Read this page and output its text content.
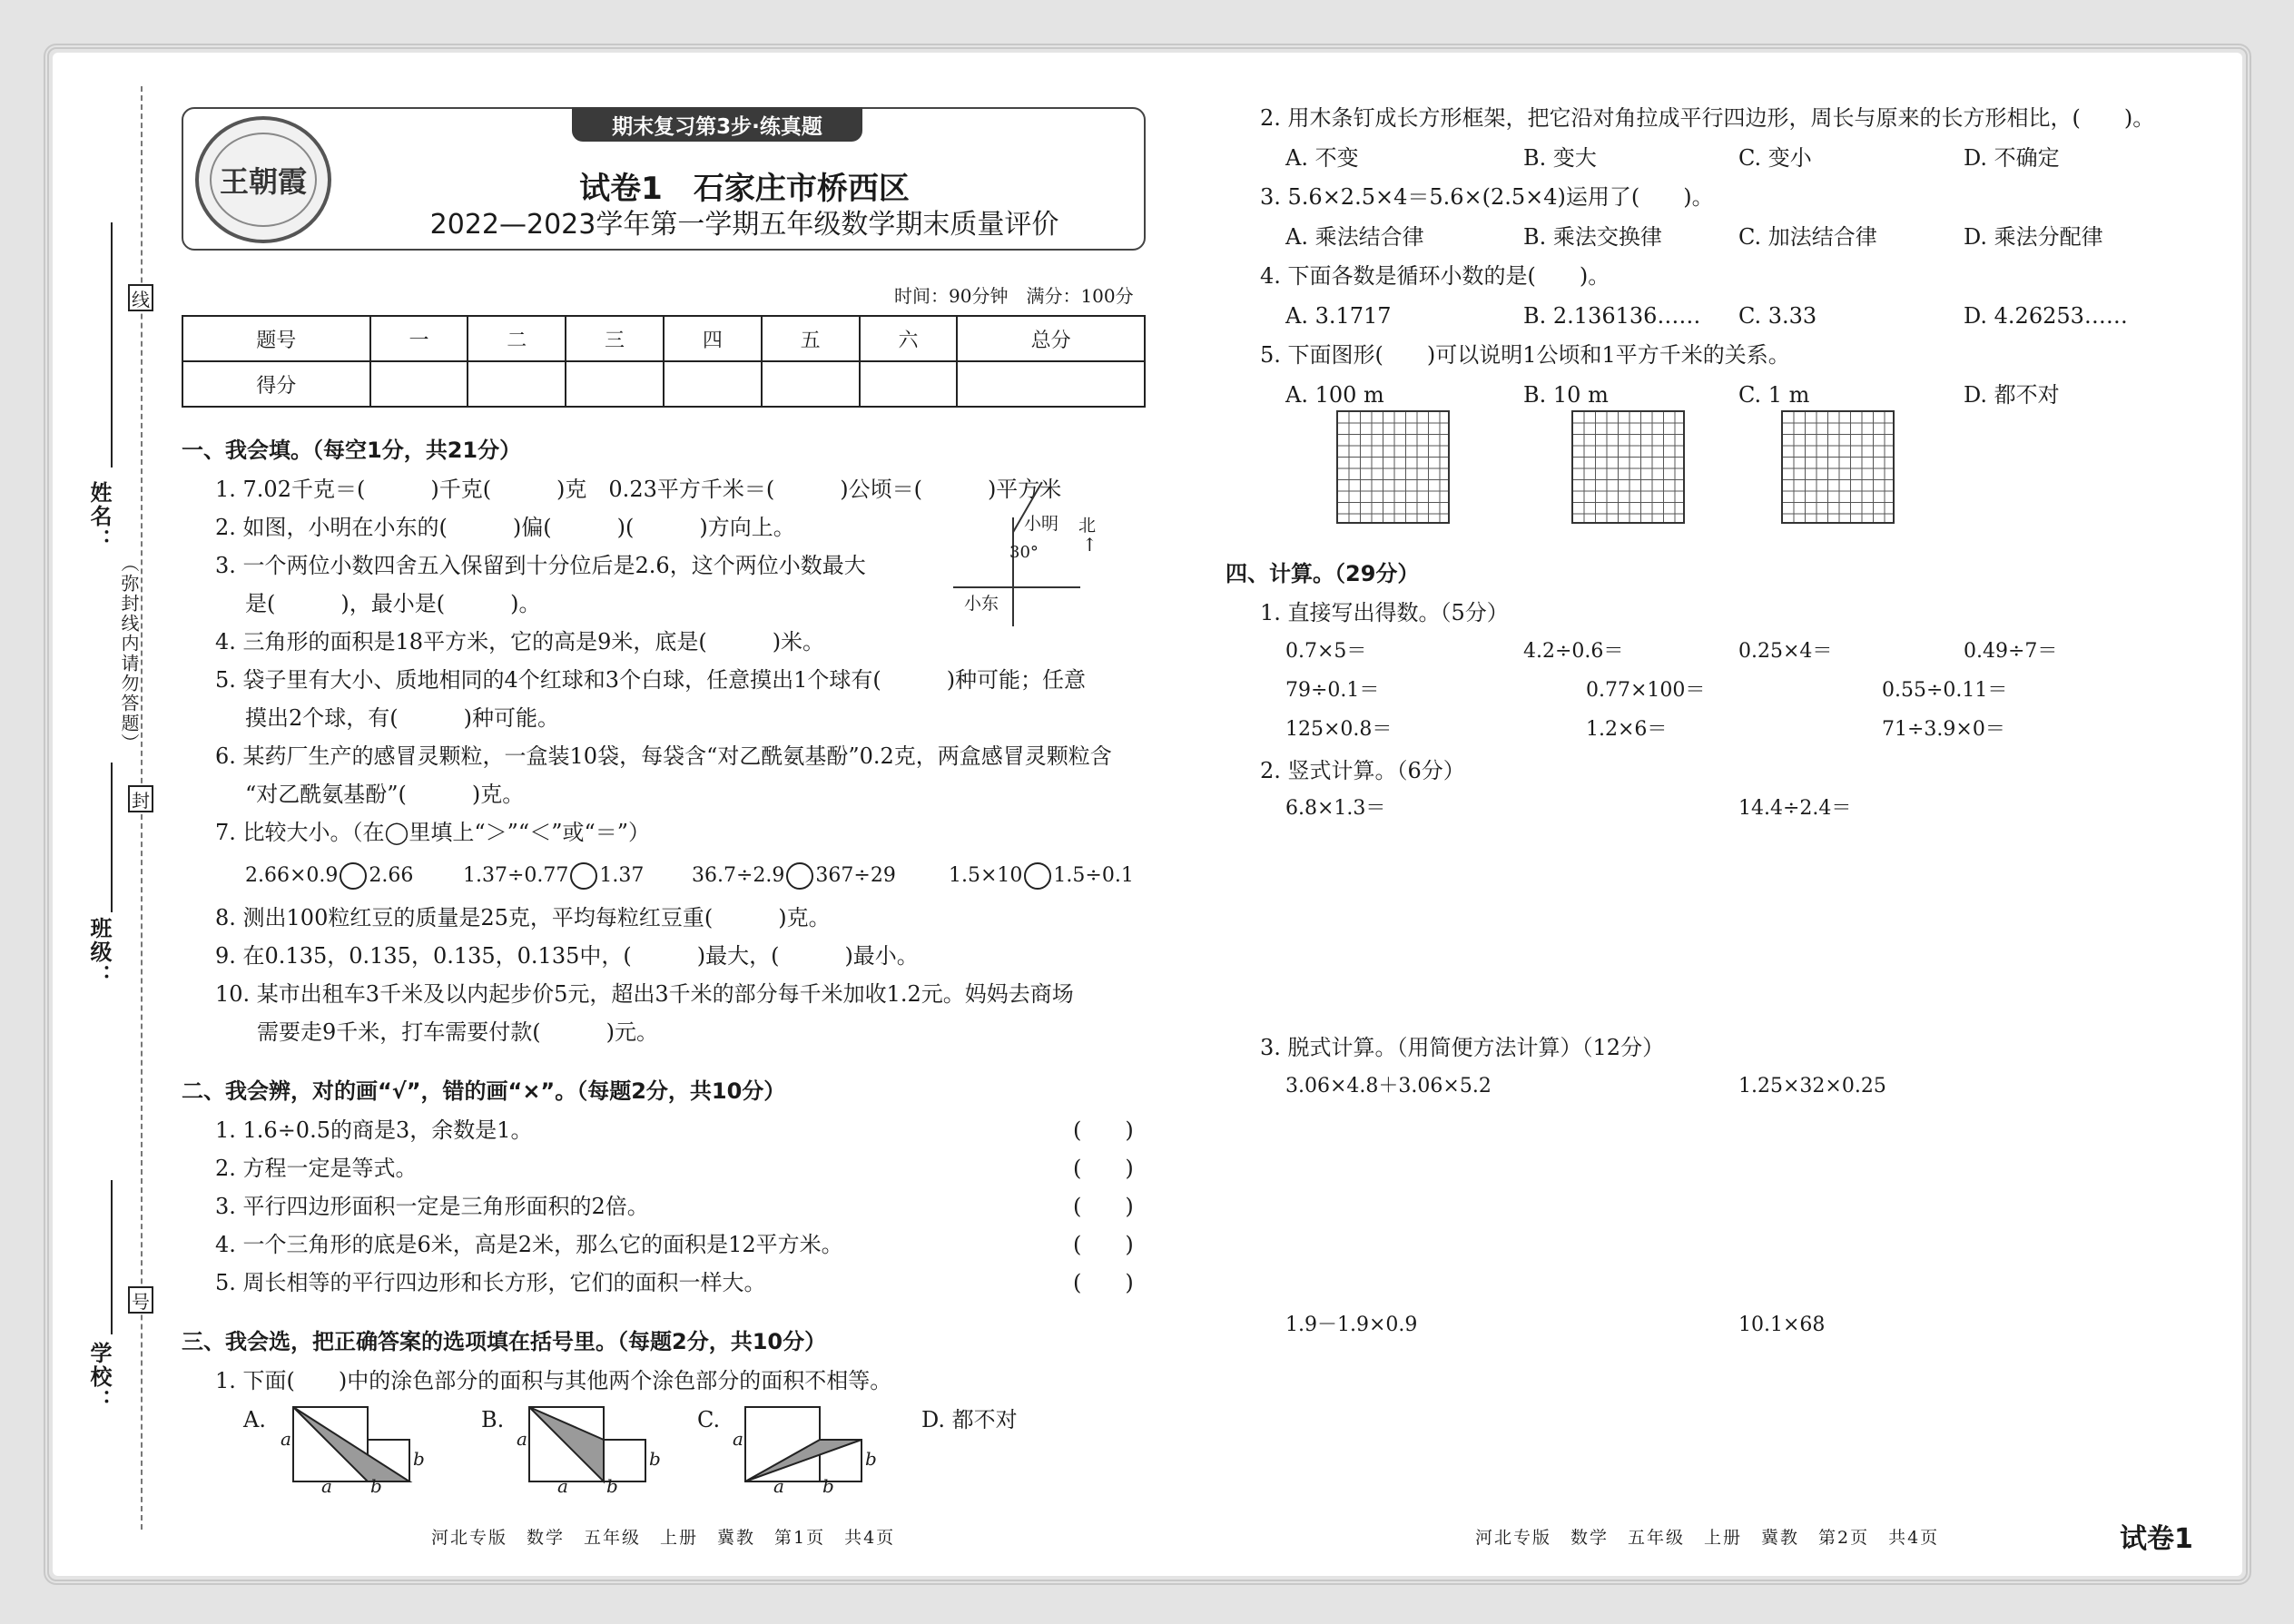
线
封
号
（弥封线内请勿答题）
姓名：
班级：
学校：
期末复习第3步·练真题
王朝霞	试卷1　石家庄市桥西区
2022—2023学年第一学期五年级数学期末质量评价
时间：90分钟　满分：100分
题号	一	二	三	四	五	六	总分
得分							
一、我会填。（每空1分，共21分）
1. 7.02千克＝(　　　)千克(　　　)克　0.23平方千米＝(　　　)公顷＝(　　　)平方米
2. 如图，小明在小东的(　　　)偏(　　　)(　　　)方向上。
3. 一个两位小数四舍五入保留到十分位后是2.6，这个两位小数最大
是(　　　)，最小是(　　　)。
小明 北
↑
30°
小东
4. 三角形的面积是18平方米，它的高是9米，底是(　　　)米。
5. 袋子里有大小、质地相同的4个红球和3个白球，任意摸出1个球有(　　　)种可能；任意
摸出2个球，有(　　　)种可能。
6. 某药厂生产的感冒灵颗粒，一盒装10袋，每袋含“对乙酰氨基酚”0.2克，两盒感冒灵颗粒含
“对乙酰氨基酚”(　　　)克。
7. 比较大小。（在◯里填上“＞”“＜”或“＝”）
2.66×0.9 2.66 1.37÷0.77 1.37 36.7÷2.9 367÷29	1.5×10 1.5÷0.1
8. 测出100粒红豆的质量是25克，平均每粒红豆重(　　　)克。
9. 在0.135，0.135，0.135，0.135中，(　　　)最大，(　　　)最小。
10. 某市出租车3千米及以内起步价5元，超出3千米的部分每千米加收1.2元。妈妈去商场
需要走9千米，打车需要付款(　　　)元。
二、我会辨，对的画“√”，错的画“×”。（每题2分，共10分）
1. 1.6÷0.5的商是3，余数是1。
2. 方程一定是等式。
3. 平行四边形面积一定是三角形面积的2倍。
4. 一个三角形的底是6米，高是2米，那么它的面积是12平方米。
5. 周长相等的平行四边形和长方形，它们的面积一样大。
(　　)
(　　)
(　　)
(　　)
(　　)
三、我会选，把正确答案的选项填在括号里。（每题2分，共10分）
1. 下面(　　)中的涂色部分的面积与其他两个涂色部分的面积不相等。
A.	B.	C.	D. 都不对
a
b
a b
a
b
a b
a
b
a b
2. 用木条钉成长方形框架，把它沿对角拉成平行四边形，周长与原来的长方形相比，(　　)。
A. 不变	B. 变大	C. 变小	D. 不确定
3. 5.6×2.5×4＝5.6×(2.5×4)运用了(　　)。
A. 乘法结合律	B. 乘法交换律	C. 加法结合律	D. 乘法分配律
4. 下面各数是循环小数的是(　　)。
A. 3.1717	B. 2.136136…… C. 3.33	D. 4.26253……
5. 下面图形(　　)可以说明1公顷和1平方千米的关系。
A. 100 m	B. 10 m	C. 1 m	D. 都不对
四、计算。（29分）
1. 直接写出得数。（5分）
0.7×5＝	4.2÷0.6＝	0.25×4＝	0.49÷7＝
79÷0.1＝	0.77×100＝	0.55÷0.11＝
125×0.8＝	1.2×6＝	71÷3.9×0＝
2. 竖式计算。（6分）
6.8×1.3＝	14.4÷2.4＝
3. 脱式计算。（用简便方法计算）（12分）
3.06×4.8＋3.06×5.2	1.25×32×0.25
1.9－1.9×0.9	10.1×68
河北专版　数学　五年级　上册　冀教　第1页　共4页	河北专版　数学　五年级　上册　冀教　第2页　共4页	试卷1
